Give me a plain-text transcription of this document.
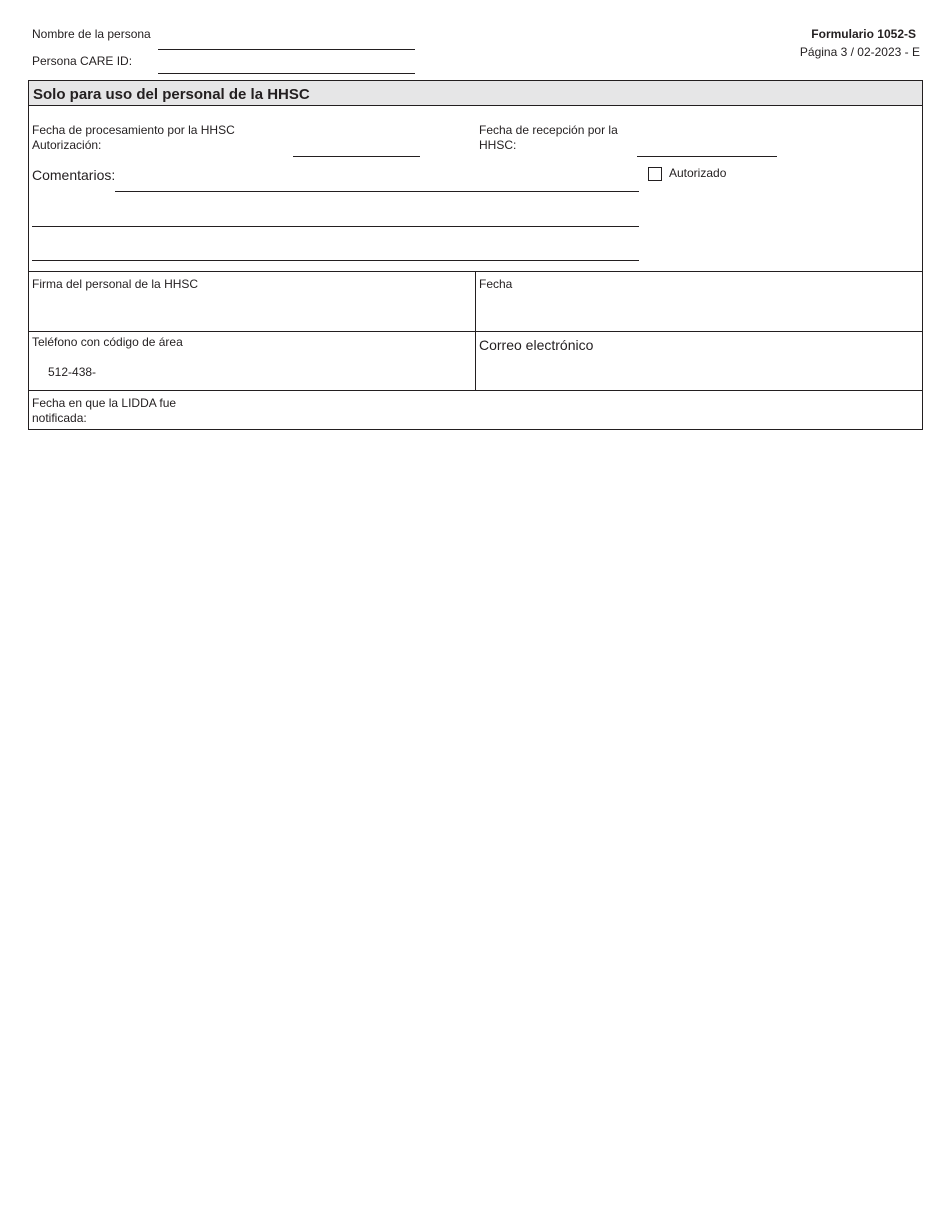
Nombre de la persona
Persona CARE ID:
Formulario 1052-S
Página 3 / 02-2023 - E
Solo para uso del personal de la HHSC
Fecha de procesamiento por la HHSC Autorización:
Fecha de recepción por la HHSC:
Comentarios:	Autorizado
Firma del personal de la HHSC	Fecha
Teléfono con código de área
512-438-
Correo electrónico
Fecha en que la LIDDA fue notificada:
